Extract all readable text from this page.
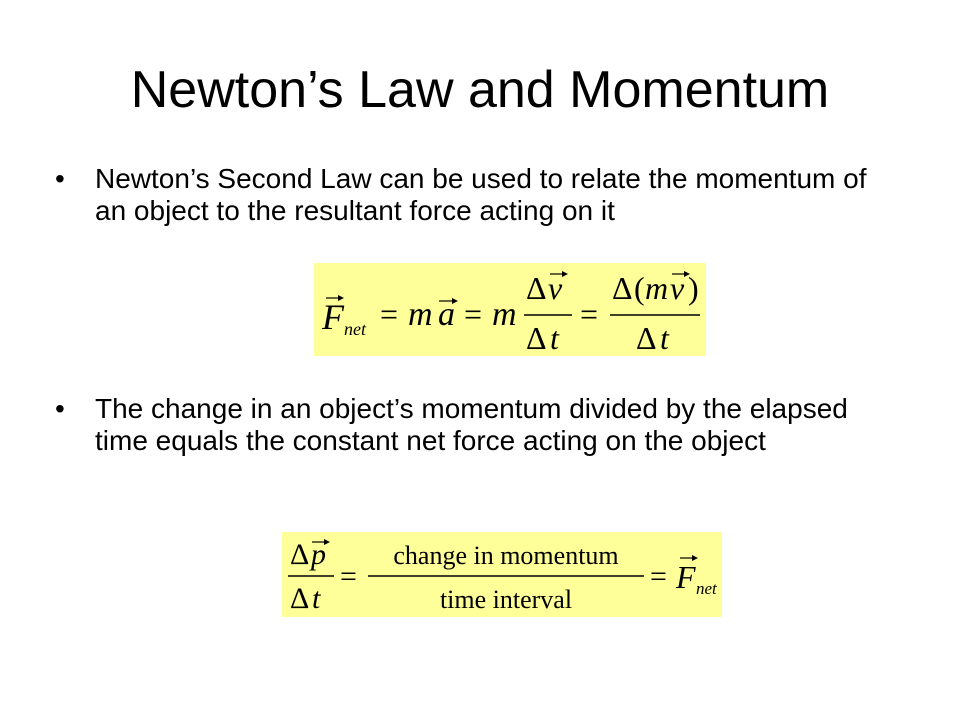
Newton’s Law and Momentum
•	Newton’s Second Law can be used to relate the momentum of an object to the resultant force acting on it
F net = m a = m
Δ v
Δ t
=
Δ ( m v )
Δ t
•	The change in an object’s momentum divided by the elapsed time equals the constant net force acting on the object
Δ p
Δ t
=
change in momentum
time interval
= F net
